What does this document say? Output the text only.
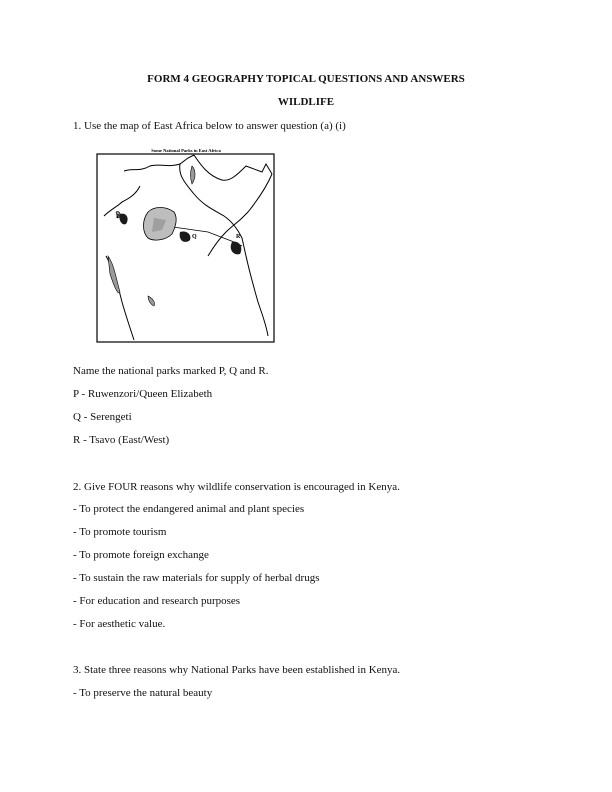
FORM 4 GEOGRAPHY TOPICAL QUESTIONS AND ANSWERS
WILDLIFE
1. Use the map of East Africa below to answer question (a) (i)
Some National Parks in East Africa
P
Q	R
Name the national parks marked P, Q and R.
P - Ruwenzori/Queen Elizabeth
Q - Serengeti
R - Tsavo (East/West)
2. Give FOUR reasons why wildlife conservation is encouraged in Kenya.
- To protect the endangered animal and plant species
- To promote tourism
- To promote foreign exchange
- To sustain the raw materials for supply of herbal drugs
- For education and research purposes
- For aesthetic value.
3. State three reasons why National Parks have been established in Kenya.
- To preserve the natural beauty
